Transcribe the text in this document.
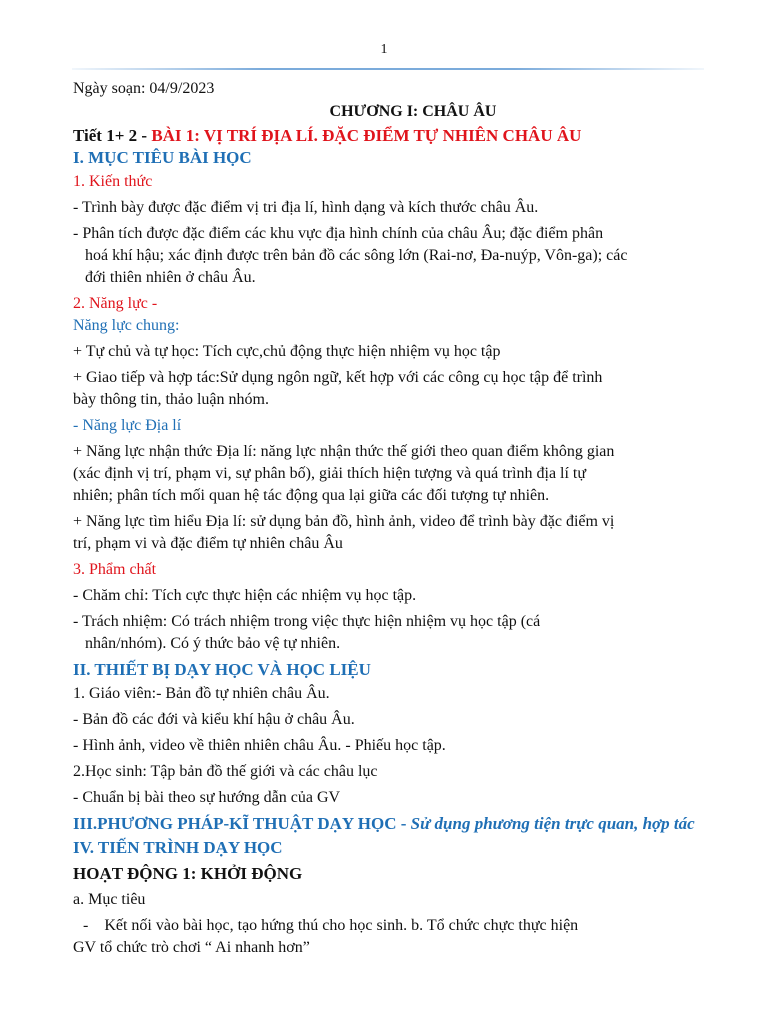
1
Ngày soạn: 04/9/2023
CHƯƠNG I: CHÂU ÂU
Tiết 1+ 2 - BÀI 1: VỊ TRÍ ĐỊA LÍ. ĐẶC ĐIỂM TỰ NHIÊN CHÂU ÂU
I. MỤC TIÊU BÀI HỌC
1. Kiến thức
- Trình bày được đặc điểm vị tri địa lí, hình dạng và kích thước châu Âu.
- Phân tích được đặc điểm các khu vực địa hình chính của châu Âu; đặc điểm phân
hoá khí hậu; xác định được trên bản đồ các sông lớn (Rai-nơ, Đa-nuýp, Vôn-ga); các
đới thiên nhiên ở châu Âu.
2. Năng lực -
Năng lực chung:
+ Tự chủ và tự học: Tích cực,chủ động thực hiện nhiệm vụ học tập
+ Giao tiếp và hợp tác:Sử dụng ngôn ngữ, kết hợp với các công cụ học tập để trình
bày thông tin, thảo luận nhóm.
- Năng lực Địa lí
+ Năng lực nhận thức Địa lí: năng lực nhận thức thế giới theo quan điểm không gian
(xác định vị trí, phạm vi, sự phân bố), giải thích hiện tượng và quá trình địa lí tự
nhiên; phân tích mối quan hệ tác động qua lại giữa các đối tượng tự nhiên.
+ Năng lực tìm hiểu Địa lí: sử dụng bản đồ, hình ảnh, video để trình bày đặc điểm vị
trí, phạm vi và đặc điểm tự nhiên châu Âu
3. Phẩm chất
- Chăm chỉ: Tích cực thực hiện các nhiệm vụ học tập.
- Trách nhiệm: Có trách nhiệm trong việc thực hiện nhiệm vụ học tập (cá
nhân/nhóm). Có ý thức bảo vệ tự nhiên.
II. THIẾT BỊ DẠY HỌC VÀ HỌC LIỆU
1. Giáo viên:- Bản đồ tự nhiên châu Âu.
- Bản đồ các đới và kiểu khí hậu ở châu Âu.
- Hình ảnh, video về thiên nhiên châu Âu. - Phiếu học tập.
2.Học sinh: Tập bản đồ thế giới và các châu lục
- Chuẩn bị bài theo sự hướng dẫn của GV
III.PHƯƠNG PHÁP-KĨ THUẬT DẠY HỌC - Sử dụng phương tiện trực quan, hợp tác
IV. TIẾN TRÌNH DẠY HỌC
HOẠT ĐỘNG 1: KHỞI ĐỘNG
a. Mục tiêu
- Kết nối vào bài học, tạo hứng thú cho học sinh. b. Tổ chức chực thực hiện
GV tổ chức trò chơi “ Ai nhanh hơn”
